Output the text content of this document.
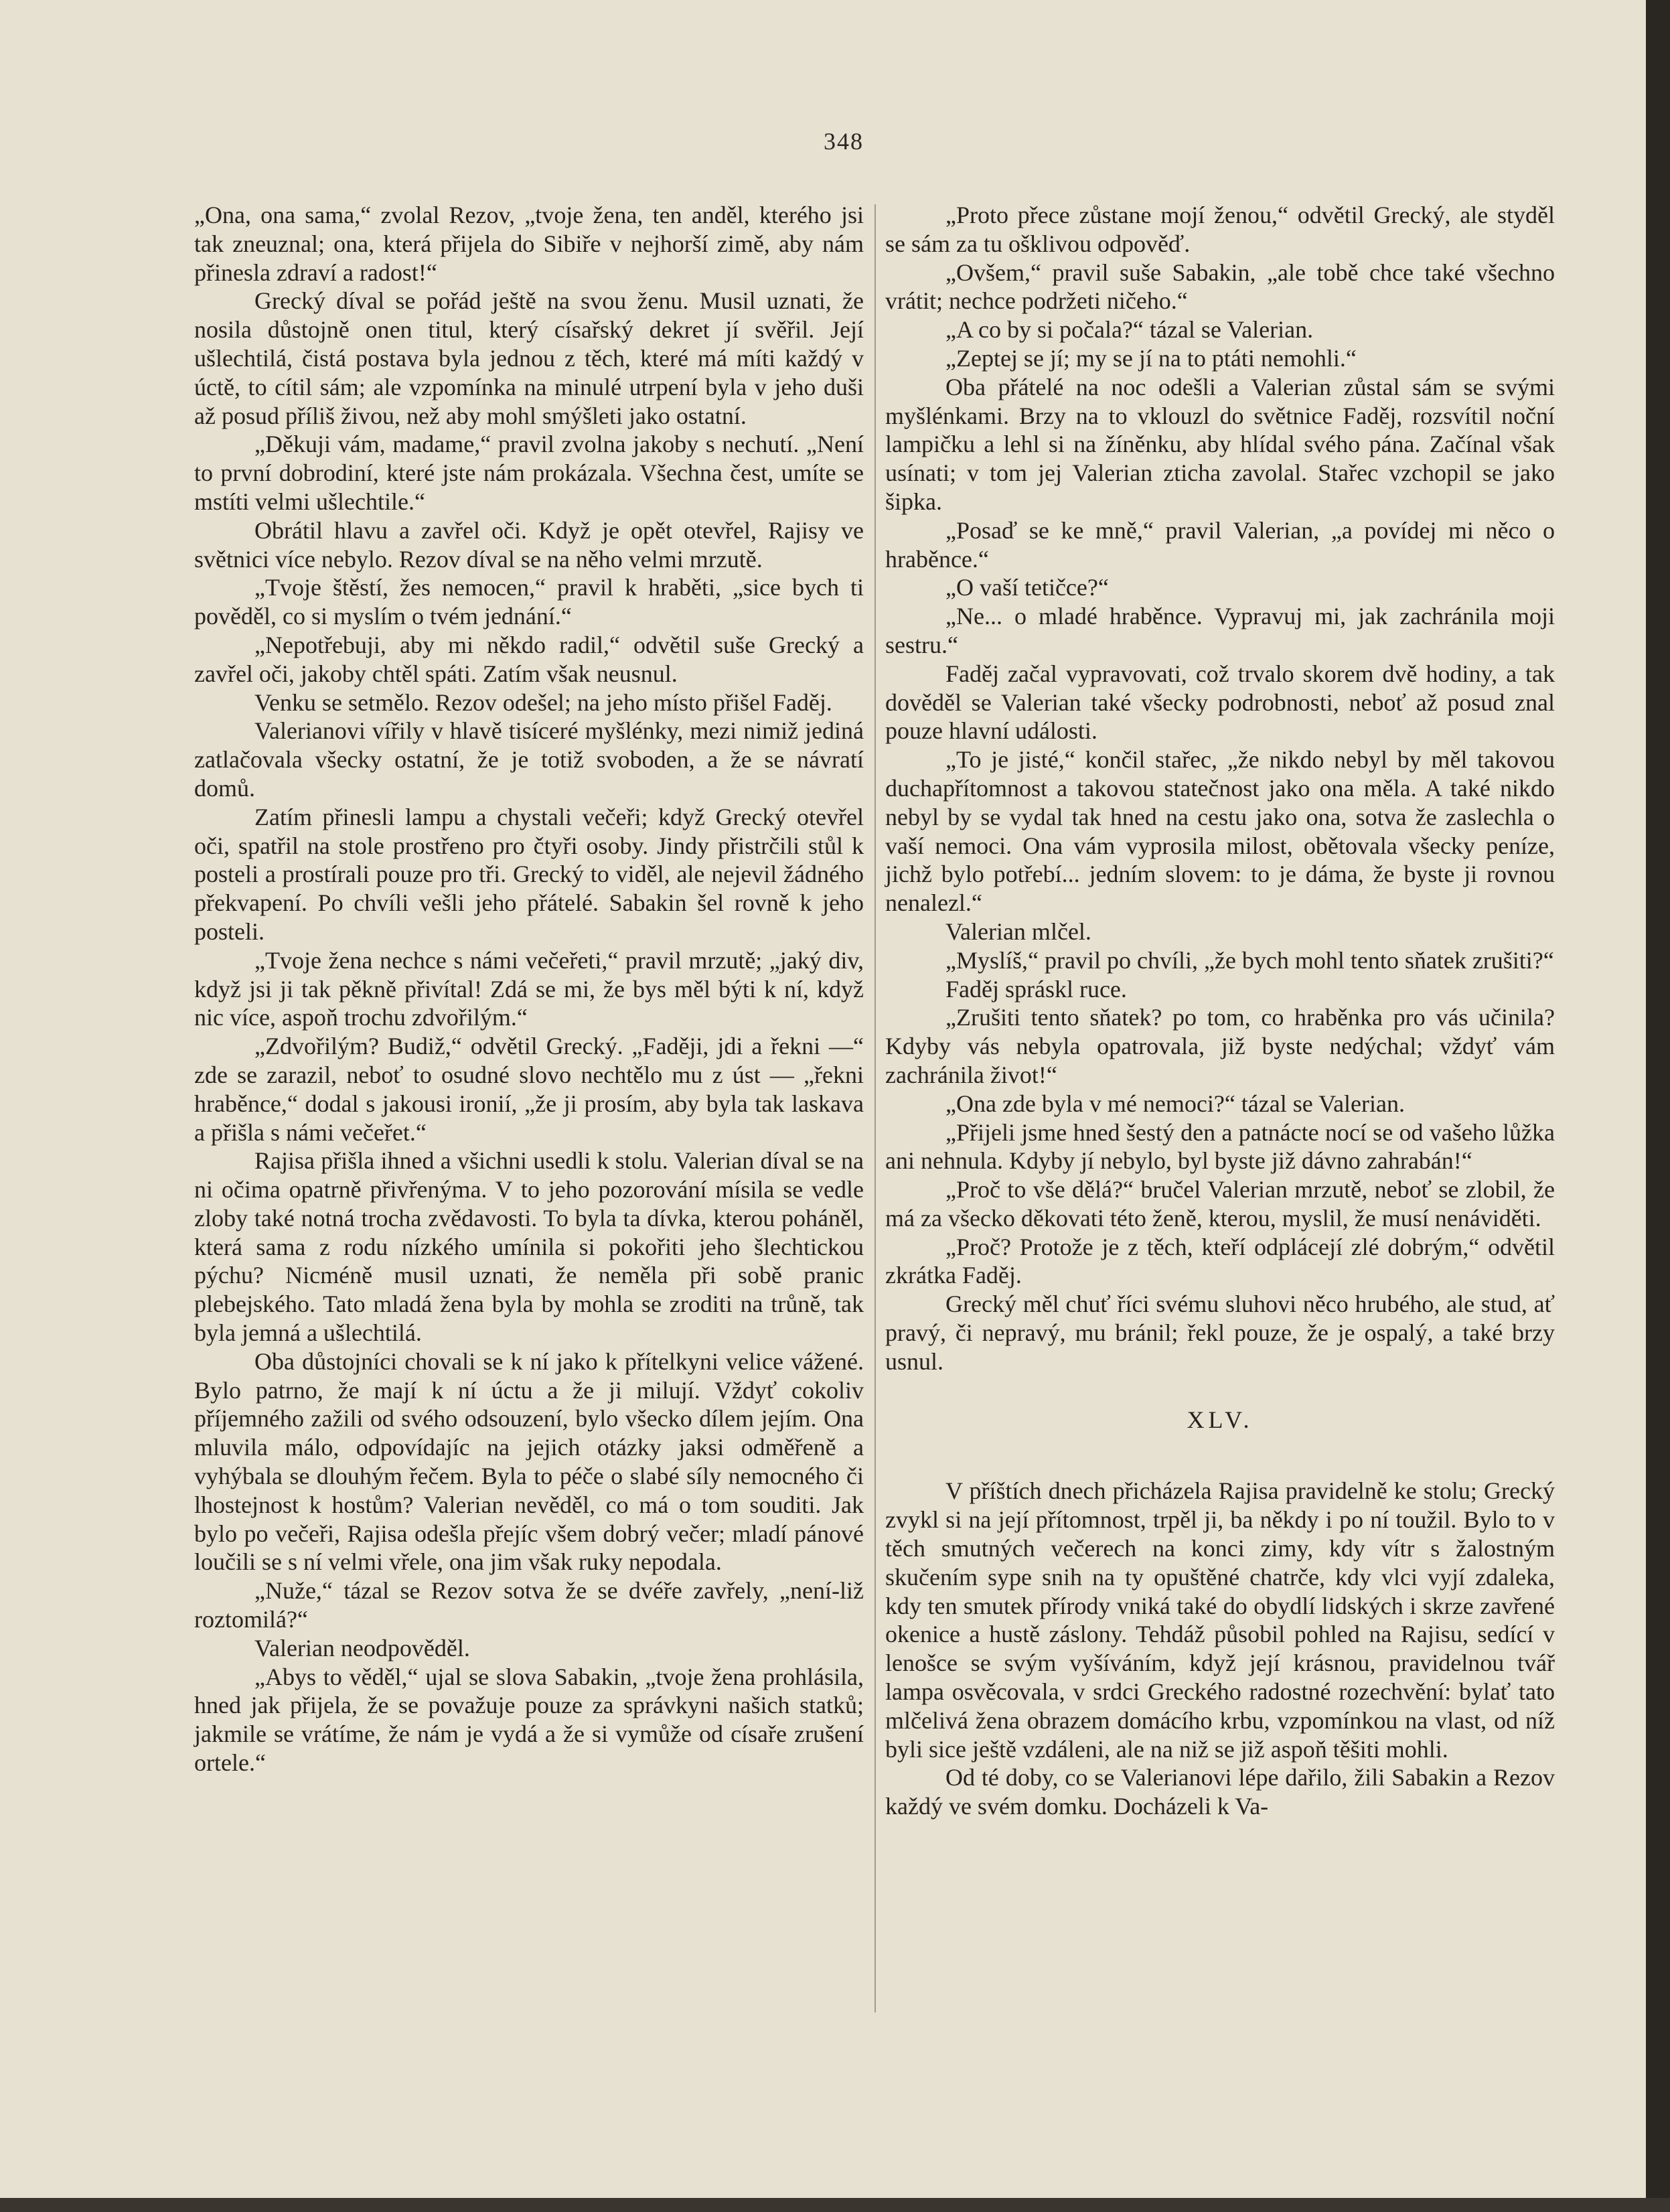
348

„Ona, ona sama,“ zvolal Rezov, „tvoje žena, ten anděl, kterého jsi tak zneuznal; ona, která přijela do Sibiře v nejhorší zimě, aby nám přinesla zdraví a radost!“

Grecký díval se pořád ještě na svou ženu. Musil uznati, že nosila důstojně onen titul, který císařský dekret jí svěřil. Její ušlechtilá, čistá postava byla jednou z těch, které má míti každý v úctě, to cítil sám; ale vzpomínka na minulé utrpení byla v jeho duši až posud příliš živou, než aby mohl smýšleti jako ostatní.

„Děkuji vám, madame,“ pravil zvolna jakoby s nechutí. „Není to první dobrodiní, které jste nám prokázala. Všechna čest, umíte se mstíti velmi ušlechtile.“

Obrátil hlavu a zavřel oči. Když je opět otevřel, Rajisy ve světnici více nebylo. Rezov díval se na něho velmi mrzutě.

„Tvoje štěstí, žes nemocen,“ pravil k hraběti, „sice bych ti pověděl, co si myslím o tvém jednání.“

„Nepotřebuji, aby mi někdo radil,“ odvětil suše Grecký a zavřel oči, jakoby chtěl spáti. Zatím však neusnul.

Venku se setmělo. Rezov odešel; na jeho místo přišel Faděj.

Valerianovi vířily v hlavě tisíceré myšlénky, mezi nimiž jediná zatlačovala všecky ostatní, že je totiž svoboden, a že se návratí domů.

Zatím přinesli lampu a chystali večeři; když Grecký otevřel oči, spatřil na stole prostřeno pro čtyři osoby. Jindy přistrčili stůl k posteli a prostírali pouze pro tři. Grecký to viděl, ale nejevil žádného překvapení. Po chvíli vešli jeho přátelé. Sabakin šel rovně k jeho posteli.

„Tvoje žena nechce s námi večeřeti,“ pravil mrzutě; „jaký div, když jsi ji tak pěkně přivítal! Zdá se mi, že bys měl býti k ní, když nic více, aspoň trochu zdvořilým.“

„Zdvořilým? Budiž,“ odvětil Grecký. „Faději, jdi a řekni —“ zde se zarazil, neboť to osudné slovo nechtělo mu z úst — „řekni hraběnce,“ dodal s jakousi ironií, „že ji prosím, aby byla tak laskava a přišla s námi večeřet.“

Rajisa přišla ihned a všichni usedli k stolu. Valerian díval se na ni očima opatrně přivřenýma. V to jeho pozorování mísila se vedle zloby také notná trocha zvědavosti. To byla ta dívka, kterou poháněl, která sama z rodu nízkého umínila si pokořiti jeho šlechtickou pýchu? Nicméně musil uznati, že neměla při sobě pranic plebejského. Tato mladá žena byla by mohla se zroditi na trůně, tak byla jemná a ušlechtilá.

Oba důstojníci chovali se k ní jako k přítelkyni velice vážené. Bylo patrno, že mají k ní úctu a že ji milují. Vždyť cokoliv příjemného zažili od svého odsouzení, bylo všecko dílem jejím. Ona mluvila málo, odpovídajíc na jejich otázky jaksi odměřeně a vyhýbala se dlouhým řečem. Byla to péče o slabé síly nemocného či lhostejnost k hostům? Valerian nevěděl, co má o tom souditi. Jak bylo po večeři, Rajisa odešla přejíc všem dobrý večer; mladí pánové loučili se s ní velmi vřele, ona jim však ruky nepodala.

„Nuže,“ tázal se Rezov sotva že se dvéře zavřely, „není-liž roztomilá?“

Valerian neodpověděl.

„Abys to věděl,“ ujal se slova Sabakin, „tvoje žena prohlásila, hned jak přijela, že se považuje pouze za správkyni našich statků; jakmile se vrátíme, že nám je vydá a že si vymůže od císaře zrušení ortele.“

„Proto přece zůstane mojí ženou,“ odvětil Grecký, ale styděl se sám za tu ošklivou odpověď.

„Ovšem,“ pravil suše Sabakin, „ale tobě chce také všechno vrátit; nechce podržeti ničeho.“

„A co by si počala?“ tázal se Valerian.

„Zeptej se jí; my se jí na to ptáti nemohli.“

Oba přátelé na noc odešli a Valerian zůstal sám se svými myšlénkami. Brzy na to vklouzl do světnice Faděj, rozsvítil noční lampičku a lehl si na žíněnku, aby hlídal svého pána. Začínal však usínati; v tom jej Valerian zticha zavolal. Stařec vzchopil se jako šipka.

„Posaď se ke mně,“ pravil Valerian, „a povídej mi něco o hraběnce.“

„O vaší tetičce?“

„Ne... o mladé hraběnce. Vypravuj mi, jak zachránila moji sestru.“

Faděj začal vypravovati, což trvalo skorem dvě hodiny, a tak dověděl se Valerian také všecky podrobnosti, neboť až posud znal pouze hlavní události.

„To je jisté,“ končil stařec, „že nikdo nebyl by měl takovou duchapřítomnost a takovou statečnost jako ona měla. A také nikdo nebyl by se vydal tak hned na cestu jako ona, sotva že zaslechla o vaší nemoci. Ona vám vyprosila milost, obětovala všecky peníze, jichž bylo potřebí... jedním slovem: to je dáma, že byste ji rovnou nenalezl.“

Valerian mlčel.

„Myslíš,“ pravil po chvíli, „že bych mohl tento sňatek zrušiti?“

Faděj spráskl ruce.

„Zrušiti tento sňatek? po tom, co hraběnka pro vás učinila? Kdyby vás nebyla opatrovala, již byste nedýchal; vždyť vám zachránila život!“

„Ona zde byla v mé nemoci?“ tázal se Valerian.

„Přijeli jsme hned šestý den a patnácte nocí se od vašeho lůžka ani nehnula. Kdyby jí nebylo, byl byste již dávno zahrabán!“

„Proč to vše dělá?“ bručel Valerian mrzutě, neboť se zlobil, že má za všecko děkovati této ženě, kterou, myslil, že musí nenáviděti.

„Proč? Protože je z těch, kteří odplácejí zlé dobrým,“ odvětil zkrátka Faděj.

Grecký měl chuť říci svému sluhovi něco hrubého, ale stud, ať pravý, či nepravý, mu bránil; řekl pouze, že je ospalý, a také brzy usnul.

XLV.

V příštích dnech přicházela Rajisa pravidelně ke stolu; Grecký zvykl si na její přítomnost, trpěl ji, ba někdy i po ní toužil. Bylo to v těch smutných večerech na konci zimy, kdy vítr s žalostným skučením sype snih na ty opuštěné chatrče, kdy vlci vyjí zdaleka, kdy ten smutek přírody vniká také do obydlí lidských i skrze zavřené okenice a hustě záslony. Tehdáž působil pohled na Rajisu, sedící v lenošce se svým vyšíváním, když její krásnou, pravidelnou tvář lampa osvěcovala, v srdci Greckého radostné rozechvění: bylať tato mlčelivá žena obrazem domácího krbu, vzpomínkou na vlast, od níž byli sice ještě vzdáleni, ale na niž se již aspoň těšiti mohli.

Od té doby, co se Valerianovi lépe dařilo, žili Sabakin a Rezov každý ve svém domku. Docházeli k Va-
